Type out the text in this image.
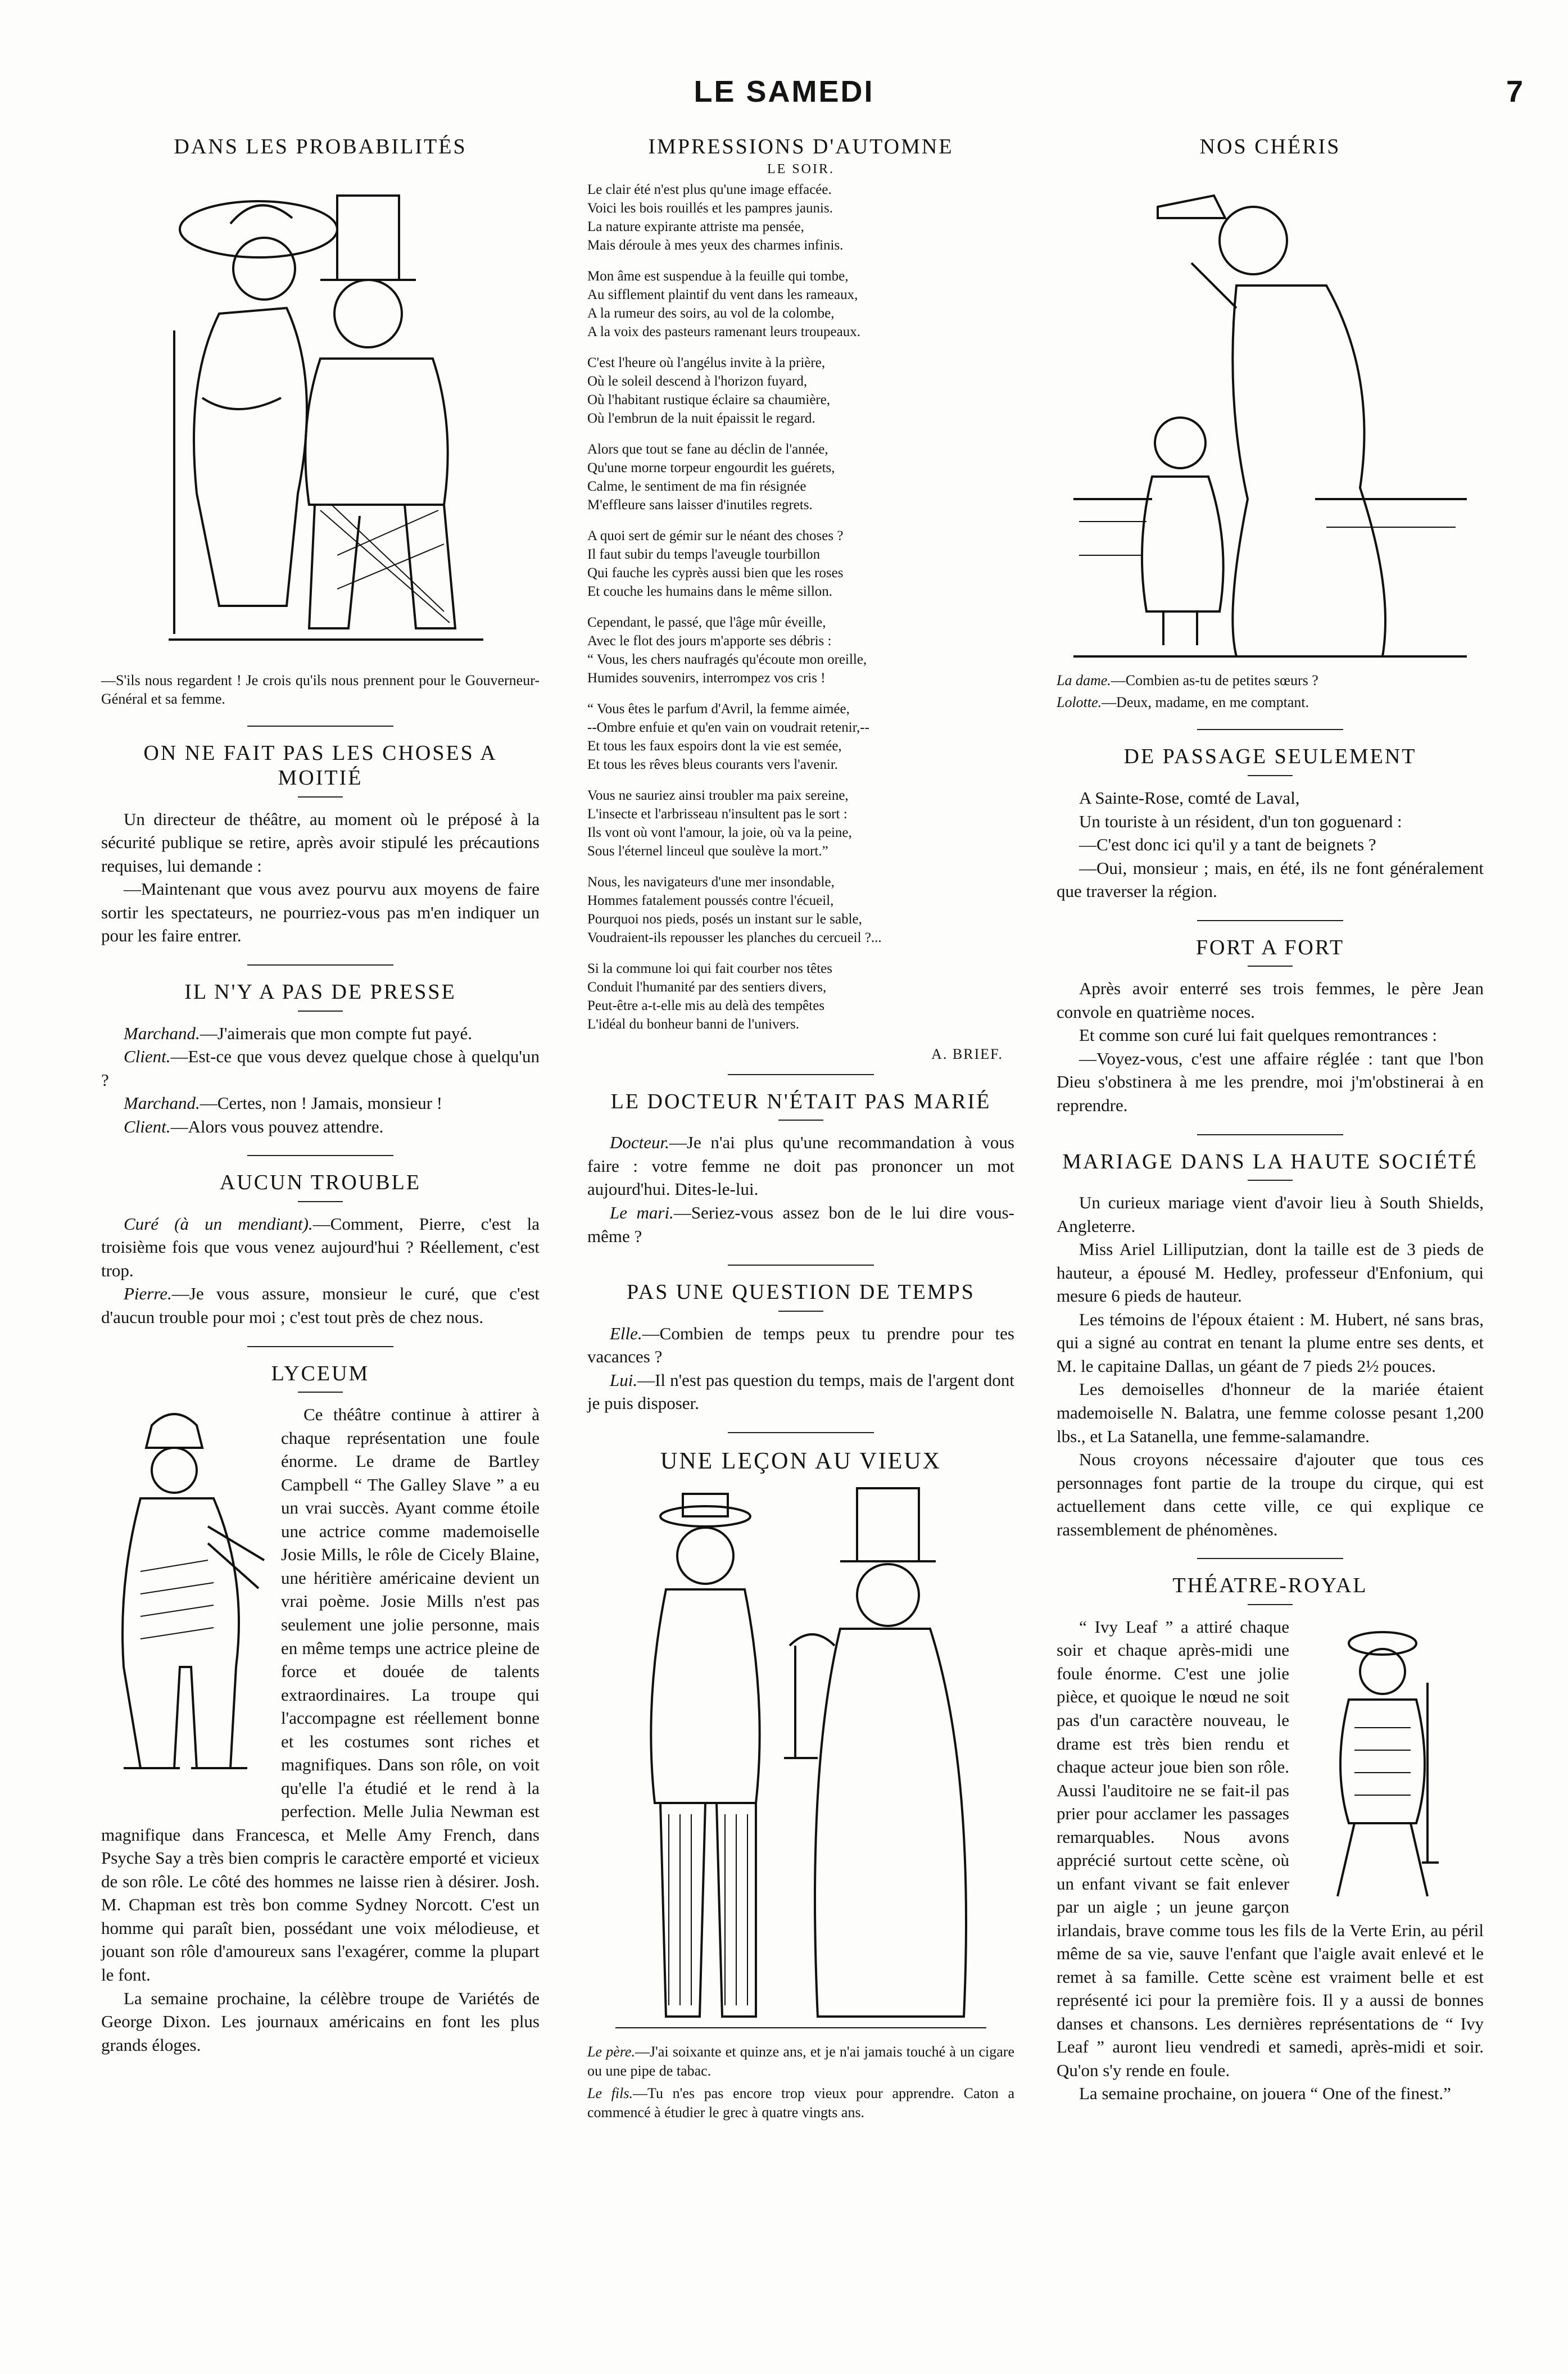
LE SAMEDI	7
DANS LES PROBABILITÉS
—S'ils nous regardent ! Je crois qu'ils nous prennent pour le Gouverneur-Général et sa femme.
ON NE FAIT PAS LES CHOSES A MOITIÉ

Un directeur de théâtre, au moment où le préposé à la sécurité publique se retire, après avoir stipulé les précautions requises, lui demande :

—Maintenant que vous avez pourvu aux moyens de faire sortir les spectateurs, ne pourriez-vous pas m'en indiquer un pour les faire entrer.

IL N'Y A PAS DE PRESSE

Marchand.—J'aimerais que mon compte fut payé.

Client.—Est-ce que vous devez quelque chose à quelqu'un ?

Marchand.—Certes, non ! Jamais, monsieur !

Client.—Alors vous pouvez attendre.

AUCUN TROUBLE

Curé (à un mendiant).—Comment, Pierre, c'est la troisième fois que vous venez aujourd'hui ? Réellement, c'est trop.

Pierre.—Je vous assure, monsieur le curé, que c'est d'aucun trouble pour moi ; c'est tout près de chez nous.

LYCEUM

Ce théâtre continue à attirer à chaque représentation une foule énorme. Le drame de Bartley Campbell “ The Galley Slave ” a eu un vrai succès. Ayant comme étoile une actrice comme mademoiselle Josie Mills, le rôle de Cicely Blaine, une héritière américaine devient un vrai poème. Josie Mills n'est pas seulement une jolie personne, mais en même temps une actrice pleine de force et douée de talents extraordinaires. La troupe qui l'accompagne est réellement bonne et les costumes sont riches et magnifiques. Dans son rôle, on voit qu'elle l'a étudié et le rend à la perfection. Melle Julia Newman est magnifique dans Francesca, et Melle Amy French, dans Psyche Say a très bien compris le caractère emporté et vicieux de son rôle. Le côté des hommes ne laisse rien à désirer. Josh. M. Chapman est très bon comme Sydney Norcott. C'est un homme qui paraît bien, possédant une voix mélodieuse, et jouant son rôle d'amoureux sans l'exagérer, comme la plupart le font.

La semaine prochaine, la célèbre troupe de Variétés de George Dixon. Les journaux américains en font les plus grands éloges.

IMPRESSIONS D'AUTOMNE
LE SOIR.
Le clair été n'est plus qu'une image effacée.
Voici les bois rouillés et les pampres jaunis.
La nature expirante attriste ma pensée,
Mais déroule à mes yeux des charmes infinis.
Mon âme est suspendue à la feuille qui tombe,
Au sifflement plaintif du vent dans les rameaux,
A la rumeur des soirs, au vol de la colombe,
A la voix des pasteurs ramenant leurs troupeaux.
C'est l'heure où l'angélus invite à la prière,
Où le soleil descend à l'horizon fuyard,
Où l'habitant rustique éclaire sa chaumière,
Où l'embrun de la nuit épaissit le regard.
Alors que tout se fane au déclin de l'année,
Qu'une morne torpeur engourdit les guérets,
Calme, le sentiment de ma fin résignée
M'effleure sans laisser d'inutiles regrets.
A quoi sert de gémir sur le néant des choses ?
Il faut subir du temps l'aveugle tourbillon
Qui fauche les cyprès aussi bien que les roses
Et couche les humains dans le même sillon.
Cependant, le passé, que l'âge mûr éveille,
Avec le flot des jours m'apporte ses débris :
“ Vous, les chers naufragés qu'écoute mon oreille,
Humides souvenirs, interrompez vos cris !
“ Vous êtes le parfum d'Avril, la femme aimée,
--Ombre enfuie et qu'en vain on voudrait retenir,--
Et tous les faux espoirs dont la vie est semée,
Et tous les rêves bleus courants vers l'avenir.
Vous ne sauriez ainsi troubler ma paix sereine,
L'insecte et l'arbrisseau n'insultent pas le sort :
Ils vont où vont l'amour, la joie, où va la peine,
Sous l'éternel linceul que soulève la mort.”
Nous, les navigateurs d'une mer insondable,
Hommes fatalement poussés contre l'écueil,
Pourquoi nos pieds, posés un instant sur le sable,
Voudraient-ils repousser les planches du cercueil ?...
Si la commune loi qui fait courber nos têtes
Conduit l'humanité par des sentiers divers,
Peut-être a-t-elle mis au delà des tempêtes
L'idéal du bonheur banni de l'univers.
A. BRIEF.
LE DOCTEUR N'ÉTAIT PAS MARIÉ

Docteur.—Je n'ai plus qu'une recommandation à vous faire : votre femme ne doit pas prononcer un mot aujourd'hui. Dites-le-lui.

Le mari.—Seriez-vous assez bon de le lui dire vous-même ?

PAS UNE QUESTION DE TEMPS

Elle.—Combien de temps peux tu prendre pour tes vacances ?

Lui.—Il n'est pas question du temps, mais de l'argent dont je puis disposer.

UNE LEÇON AU VIEUX

Le père.—J'ai soixante et quinze ans, et je n'ai jamais touché à un cigare ou une pipe de tabac.

Le fils.—Tu n'es pas encore trop vieux pour apprendre. Caton a commencé à étudier le grec à quatre vingts ans.

NOS CHÉRIS

La dame.—Combien as-tu de petites sœurs ?

Lolotte.—Deux, madame, en me comptant.

DE PASSAGE SEULEMENT

A Sainte-Rose, comté de Laval,

Un touriste à un résident, d'un ton goguenard :

—C'est donc ici qu'il y a tant de beignets ?

—Oui, monsieur ; mais, en été, ils ne font généralement que traverser la région.

FORT A FORT

Après avoir enterré ses trois femmes, le père Jean convole en quatrième noces.

Et comme son curé lui fait quelques remontrances :

—Voyez-vous, c'est une affaire réglée : tant que l'bon Dieu s'obstinera à me les prendre, moi j'm'obstinerai à en reprendre.

MARIAGE DANS LA HAUTE SOCIÉTÉ

Un curieux mariage vient d'avoir lieu à South Shields, Angleterre.

Miss Ariel Lilliputzian, dont la taille est de 3 pieds de hauteur, a épousé M. Hedley, professeur d'Enfonium, qui mesure 6 pieds de hauteur.

Les témoins de l'époux étaient : M. Hubert, né sans bras, qui a signé au contrat en tenant la plume entre ses dents, et M. le capitaine Dallas, un géant de 7 pieds 2½ pouces.

Les demoiselles d'honneur de la mariée étaient mademoiselle N. Balatra, une femme colosse pesant 1,200 lbs., et La Satanella, une femme-salamandre.

Nous croyons nécessaire d'ajouter que tous ces personnages font partie de la troupe du cirque, qui est actuellement dans cette ville, ce qui explique ce rassemblement de phénomènes.

THÉATRE-ROYAL

“ Ivy Leaf ” a attiré chaque soir et chaque après-midi une foule énorme. C'est une jolie pièce, et quoique le nœud ne soit pas d'un caractère nouveau, le drame est très bien rendu et chaque acteur joue bien son rôle. Aussi l'auditoire ne se fait-il pas prier pour acclamer les passages remarquables. Nous avons apprécié surtout cette scène, où un enfant vivant se fait enlever par un aigle ; un jeune garçon irlandais, brave comme tous les fils de la Verte Erin, au péril même de sa vie, sauve l'enfant que l'aigle avait enlevé et le remet à sa famille. Cette scène est vraiment belle et est représenté ici pour la première fois. Il y a aussi de bonnes danses et chansons. Les dernières représentations de “ Ivy Leaf ” auront lieu vendredi et samedi, après-midi et soir. Qu'on s'y rende en foule.

La semaine prochaine, on jouera “ One of the finest.”
